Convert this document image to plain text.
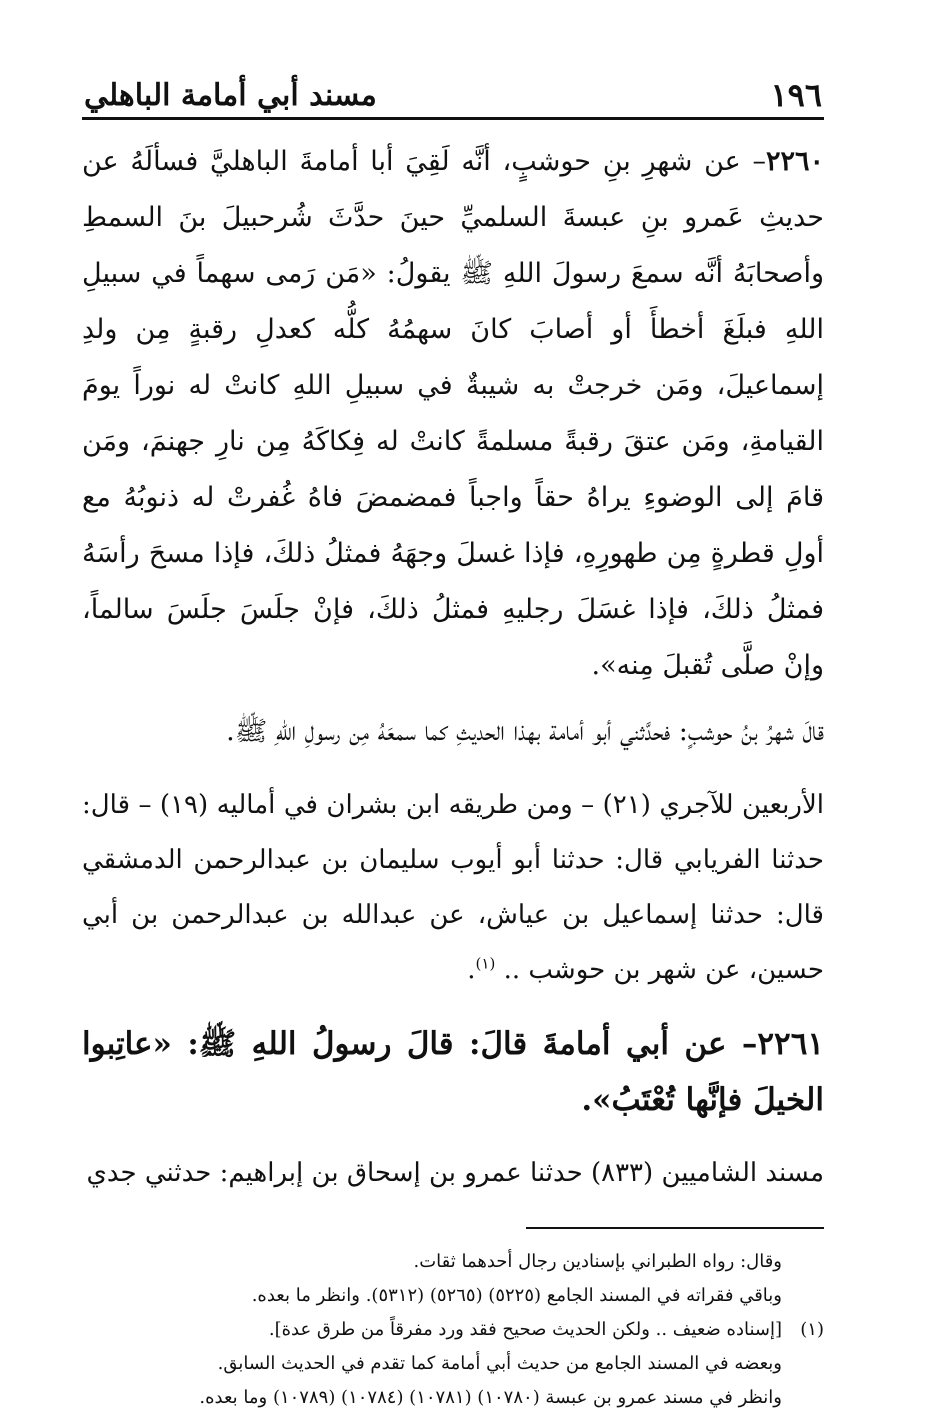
١٩٦
مسند أبي أمامة الباهلي

٢٢٦٠– عن شهرِ بنِ حوشبٍ، أنَّه لَقِيَ أبا أمامةَ الباهليَّ فسألَهُ عن حديثِ عَمرو بنِ عبسةَ السلميِّ حينَ حدَّثَ شُرحبيلَ بنَ السمطِ وأصحابَهُ أنَّه سمعَ رسولَ اللهِ ﷺ يقولُ: «مَن رَمى سهماً في سبيلِ اللهِ فبلَغَ أخطأَ أو أصابَ كانَ سهمُهُ كلُّه كعدلِ رقبةٍ مِن ولدِ إسماعيلَ، ومَن خرجتْ به شيبةٌ في سبيلِ اللهِ كانتْ له نوراً يومَ القيامةِ، ومَن عتقَ رقبةً مسلمةً كانتْ له فِكاكَهُ مِن نارِ جهنمَ، ومَن قامَ إلى الوضوءِ يراهُ حقاً واجباً فمضمضَ فاهُ غُفرتْ له ذنوبُهُ مع أولِ قطرةٍ مِن طهورِهِ، فإذا غسلَ وجهَهُ فمثلُ ذلكَ، فإذا مسحَ رأسَهُ فمثلُ ذلكَ، فإذا غسَلَ رجليهِ فمثلُ ذلكَ، فإنْ جلَسَ جلَسَ سالماً، وإنْ صلَّى تُقبلَ مِنه».

قالَ شهرُ بنُ حوشبٍ: فحدَّثني أبو أمامة بهذا الحديثِ كما سمعَهُ مِن رسولِ اللهِ ﷺ.

الأربعين للآجري (٢١) – ومن طريقه ابن بشران في أماليه (١٩) – قال: حدثنا الفريابي قال: حدثنا أبو أيوب سليمان بن عبدالرحمن الدمشقي قال: حدثنا إسماعيل بن عياش، عن عبدالله بن عبدالرحمن بن أبي حسين، عن شهر بن حوشب .. $^{(١)}$.

٢٢٦١– عن أبي أمامةَ قالَ: قالَ رسولُ اللهِ ﷺ: «عاتِبوا الخيلَ فإنَّها تُعْتَبُ».

مسند الشاميين (٨٣٣) حدثنا عمرو بن إسحاق بن إبراهيم: حدثني جدي

وقال: رواه الطبراني بإسنادين رجال أحدهما ثقات.

وباقي فقراته في المسند الجامع (٥٢٢٥) (٥٢٦٥) (٥٣١٢). وانظر ما بعده.

(١)[إسناده ضعيف .. ولكن الحديث صحيح فقد ورد مفرقاً من طرق عدة].

وبعضه في المسند الجامع من حديث أبي أمامة كما تقدم في الحديث السابق.

وانظر في مسند عمرو بن عبسة (١٠٧٨٠) (١٠٧٨١) (١٠٧٨٤) (١٠٧٨٩) وما بعده.
